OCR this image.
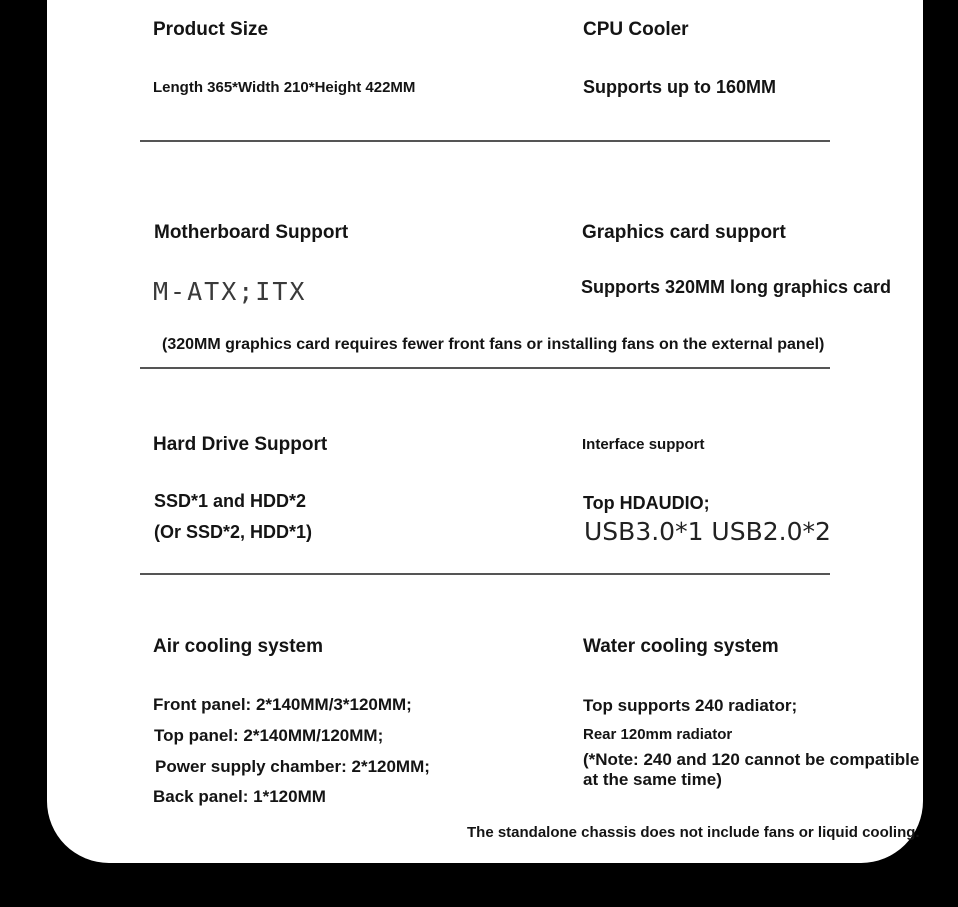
Product Size
Length 365*Width 210*Height 422MM
CPU Cooler
Supports up to 160MM
Motherboard Support
M-ATX;ITX
Graphics card support
Supports 320MM long graphics card
(320MM graphics card requires fewer front fans or installing fans on the external panel)
Hard Drive Support
SSD*1 and HDD*2
(Or SSD*2, HDD*1)
Interface support
Top HDAUDIO;
USB3.0*1 USB2.0*2
Air cooling system
Front panel: 2*140MM/3*120MM;
Top panel: 2*140MM/120MM;
Power supply chamber: 2*120MM;
Back panel: 1*120MM
Water cooling system
Top supports 240 radiator;
Rear 120mm radiator
(*Note: 240 and 120 cannot be compatible
at the same time)
The standalone chassis does not include fans or liquid cooling.
